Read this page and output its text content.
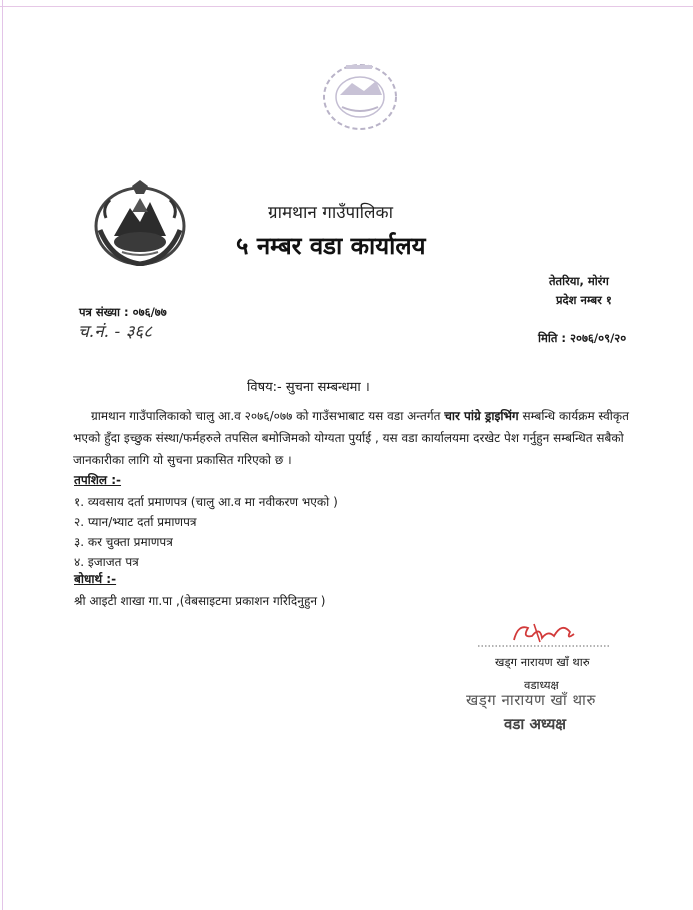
ग्रामथान गाउँपालिका
५ नम्बर वडा कार्यालय
तेतरिया, मोरंग
प्रदेश नम्बर १
पत्र संख्या : ०७६/७७
च.नं. - ३६८	मिति : २०७६/०९/२०
विषय:- सुचना सम्बन्धमा ।
ग्रामथान गाउँपालिकाको चालु आ.व २०७६/०७७ को गाउँसभाबाट यस वडा अन्तर्गत चार पांग्रे ड्राइभिंग सम्बन्धि कार्यक्रम स्वीकृत भएको हुँदा इच्छुक संस्था/फर्महरुले तपसिल बमोजिमको योग्यता पुर्याई , यस वडा कार्यालयमा दरखेट पेश गर्नुहुन सम्बन्धित सबैको जानकारीका लागि यो सुचना प्रकासित गरिएको छ ।
तपशिल :-
१. व्यवसाय दर्ता प्रमाणपत्र (चालु आ.व मा नवीकरण भएको )
२. प्यान/भ्याट दर्ता प्रमाणपत्र
३. कर चुक्ता प्रमाणपत्र
४. इजाजत पत्र
बोधार्थ :-
श्री आइटी शाखा गा.पा ,(वेबसाइटमा प्रकाशन गरिदिनुहुन )
खड्ग नारायण खाँ थारु
वडाध्यक्ष
खड्ग नारायण खाँ थारु
वडा अध्यक्ष
